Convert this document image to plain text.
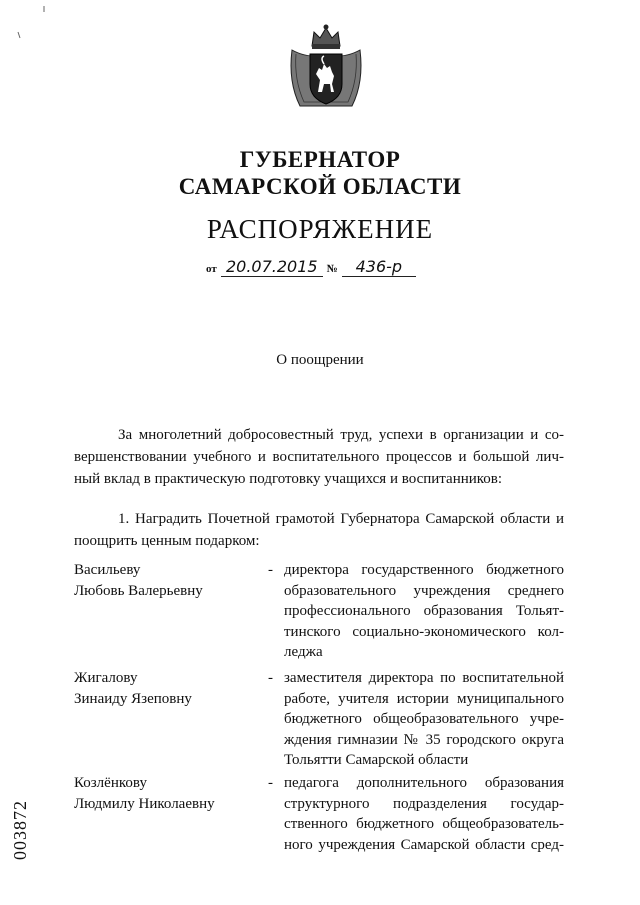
ГУБЕРНАТОР
САМАРСКОЙ ОБЛАСТИ
РАСПОРЯЖЕНИЕ
от 20.07.2015 № 436-р
О поощрении
За многолетний добросовестный труд, успехи в организации и со-
вершенствовании учебного и воспитательного процессов и большой лич-
ный вклад в практическую подготовку учащихся и воспитанников:
1. Наградить Почетной грамотой Губернатора Самарской области и
поощрить ценным подарком:
Васильеву
Любовь Валерьевну
- директора государственного бюджетного
образовательного учреждения среднего
профессионального образования Тольят-
тинского социально-экономического кол-
леджа
Жигалову
Зинаиду Язеповну
- заместителя директора по воспитательной
работе, учителя истории муниципального
бюджетного общеобразовательного учре-
ждения гимназии № 35 городского округа
Тольятти Самарской области
Козлёнкову
Людмилу Николаевну
- педагога дополнительного образования
структурного подразделения государ-
ственного бюджетного общеобразователь-
ного учреждения Самарской области сред-
003872
